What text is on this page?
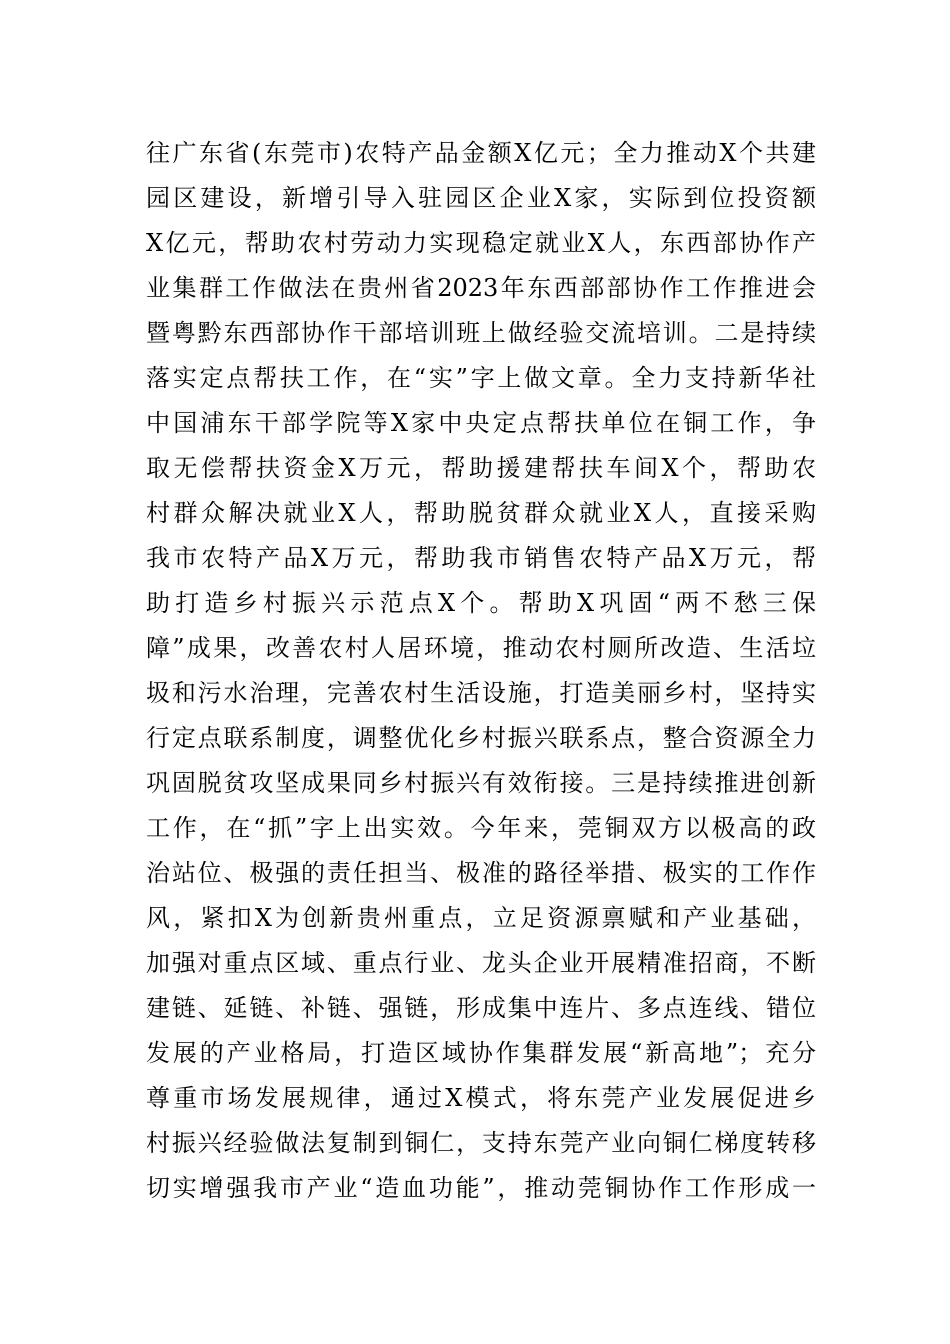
往广东省(东莞市)农特产品金额X亿元；全力推动X个共建
园区建设，新增引导入驻园区企业X家，实际到位投资额
X亿元，帮助农村劳动力实现稳定就业X人，东西部协作产
业集群工作做法在贵州省2023年东西部部协作工作推进会
暨粤黔东西部协作干部培训班上做经验交流培训。二是持续
落实定点帮扶工作，在“实”字上做文章。全力支持新华社
中国浦东干部学院等X家中央定点帮扶单位在铜工作，争
取无偿帮扶资金X万元，帮助援建帮扶车间X个，帮助农
村群众解决就业X人，帮助脱贫群众就业X人，直接采购
我市农特产品X万元，帮助我市销售农特产品X万元，帮
助打造乡村振兴示范点X个。帮助X巩固“两不愁三保
障”成果，改善农村人居环境，推动农村厕所改造、生活垃
圾和污水治理，完善农村生活设施，打造美丽乡村，坚持实
行定点联系制度，调整优化乡村振兴联系点，整合资源全力
巩固脱贫攻坚成果同乡村振兴有效衔接。三是持续推进创新
工作，在“抓”字上出实效。今年来，莞铜双方以极高的政
治站位、极强的责任担当、极准的路径举措、极实的工作作
风，紧扣X为创新贵州重点，立足资源禀赋和产业基础，
加强对重点区域、重点行业、龙头企业开展精准招商，不断
建链、延链、补链、强链，形成集中连片、多点连线、错位
发展的产业格局，打造区域协作集群发展“新高地”；充分
尊重市场发展规律，通过X模式，将东莞产业发展促进乡
村振兴经验做法复制到铜仁，支持东莞产业向铜仁梯度转移
切实增强我市产业“造血功能”，推动莞铜协作工作形成一
